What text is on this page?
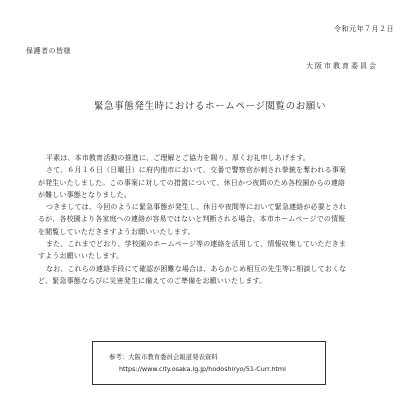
令和元年７月２日
保護者の皆様
大阪市教育委員会
緊急事態発生時におけるホームページ閲覧のお願い

平素は、本市教育活動の推進に、ご理解とご協力を賜り、厚くお礼申しあげます。

さて、６月１６日（日曜日）に府内他市において、交番で警察官が刺され拳銃を奪われる事案
が発生いたしました。この事案に対しての措置について、休日かつ夜間のため各校園からの連絡
が難しい事態となりました。

つきましては、今回のように緊急事態が発生し、休日や夜間等において緊急連絡が必要とされ
るが、各校園より各家庭への連絡が容易ではないと判断される場合、本市ホームページでの情報
を閲覧していただきますようお願いいたします。

また、これまでどおり、学校園のホームページ等の連絡を活用して、情報収集していただきま
すようお願いいたします。

なお、これらの連絡手段にて確認が困難な場合は、あらかじめ相互の先生等に相談しておくな
ど、緊急事態ならびに災害発生に備えてのご準備をお願いいたします。

参考：大阪市教育委員会報道発表資料
https://www.city.osaka.lg.jp/hodoshiryo/51-Curr.html
